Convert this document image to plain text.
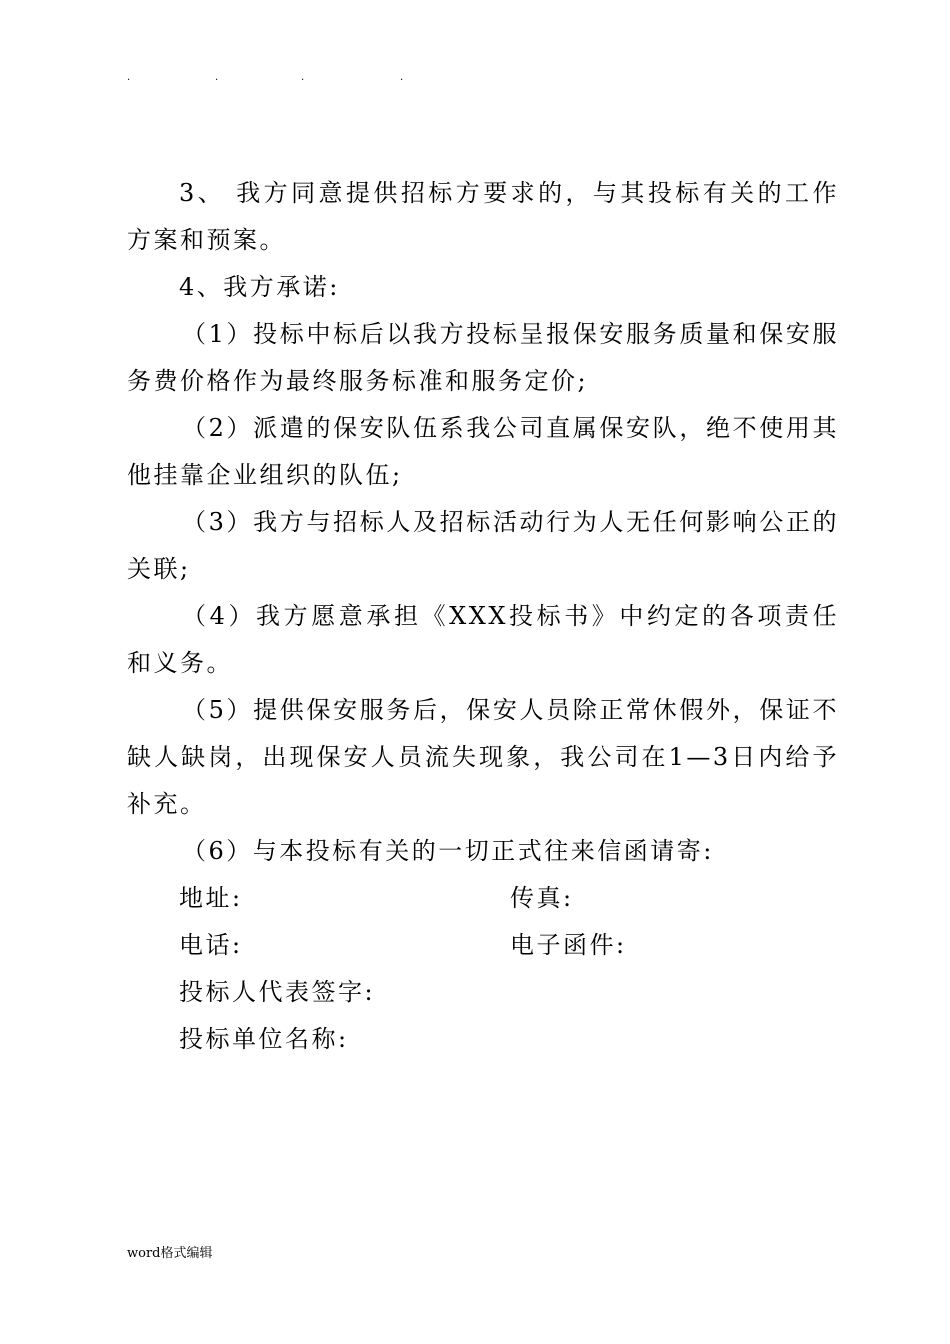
.	.	.	.

3、 我方同意提供招标方要求的，与其投标有关的工作方案和预案。

4、我方承诺:

（1）投标中标后以我方投标呈报保安服务质量和保安服务费价格作为最终服务标准和服务定价;

（2）派遣的保安队伍系我公司直属保安队，绝不使用其他挂靠企业组织的队伍;

（3）我方与招标人及招标活动行为人无任何影响公正的关联;

（4）我方愿意承担《XXX投标书》中约定的各项责任和义务。

（5）提供保安服务后，保安人员除正常休假外，保证不缺人缺岗，出现保安人员流失现象，我公司在1—3日内给予补充。

（6）与本投标有关的一切正式往来信函请寄:

地址:	传真:
电话:	电子函件:
投标人代表签字:
投标单位名称:
word格式编辑
